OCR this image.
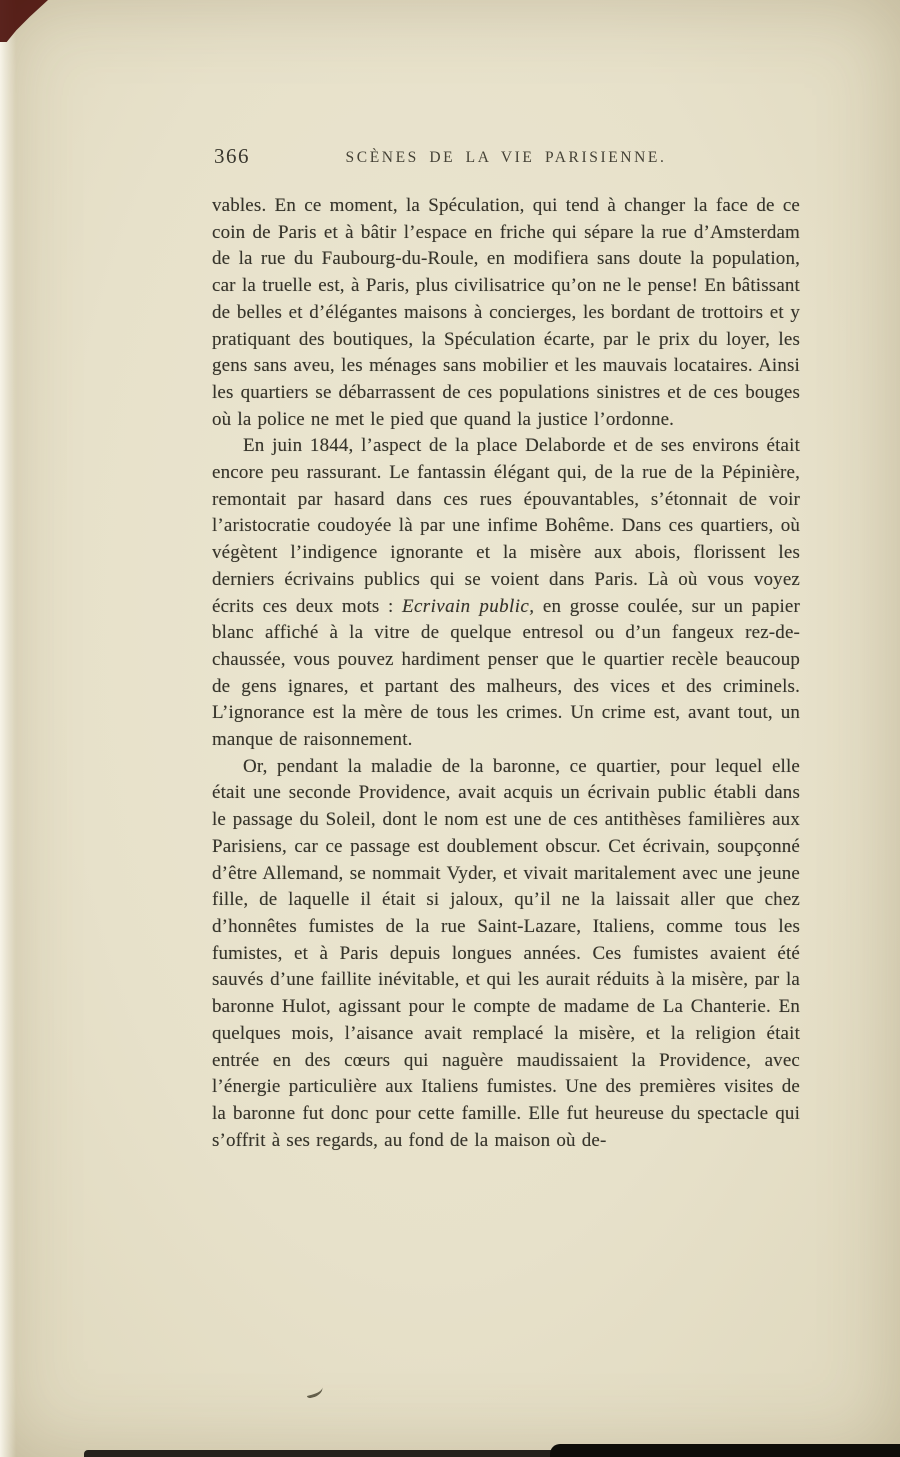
366	SCÈNES DE LA VIE PARISIENNE.

vables. En ce moment, la Spéculation, qui tend à changer la face de ce coin de Paris et à bâtir l’espace en friche qui sépare la rue d’Amsterdam de la rue du Faubourg-du-Roule, en modifiera sans doute la population, car la truelle est, à Paris, plus civilisatrice qu’on ne le pense! En bâtissant de belles et d’élégantes maisons à concierges, les bordant de trottoirs et y pratiquant des boutiques, la Spéculation écarte, par le prix du loyer, les gens sans aveu, les ménages sans mobilier et les mauvais locataires. Ainsi les quartiers se débarrassent de ces populations sinistres et de ces bouges où la police ne met le pied que quand la justice l’ordonne.

En juin 1844, l’aspect de la place Delaborde et de ses environs était encore peu rassurant. Le fantassin élégant qui, de la rue de la Pépinière, remontait par hasard dans ces rues épouvantables, s’étonnait de voir l’aristocratie coudoyée là par une infime Bohême. Dans ces quartiers, où végètent l’indigence ignorante et la misère aux abois, florissent les derniers écrivains publics qui se voient dans Paris. Là où vous voyez écrits ces deux mots : Ecrivain public, en grosse coulée, sur un papier blanc affiché à la vitre de quelque entresol ou d’un fangeux rez-de-chaussée, vous pouvez hardiment penser que le quartier recèle beaucoup de gens ignares, et partant des malheurs, des vices et des criminels. L’ignorance est la mère de tous les crimes. Un crime est, avant tout, un manque de raisonnement.

Or, pendant la maladie de la baronne, ce quartier, pour lequel elle était une seconde Providence, avait acquis un écrivain public établi dans le passage du Soleil, dont le nom est une de ces antithèses familières aux Parisiens, car ce passage est doublement obscur. Cet écrivain, soupçonné d’être Allemand, se nommait Vyder, et vivait maritalement avec une jeune fille, de laquelle il était si jaloux, qu’il ne la laissait aller que chez d’honnêtes fumistes de la rue Saint-Lazare, Italiens, comme tous les fumistes, et à Paris depuis longues années. Ces fumistes avaient été sauvés d’une faillite inévitable, et qui les aurait réduits à la misère, par la baronne Hulot, agissant pour le compte de madame de La Chanterie. En quelques mois, l’aisance avait remplacé la misère, et la religion était entrée en des cœurs qui naguère maudissaient la Providence, avec l’énergie particulière aux Italiens fumistes. Une des premières visites de la baronne fut donc pour cette famille. Elle fut heureuse du spectacle qui s’offrit à ses regards, au fond de la maison où de-
